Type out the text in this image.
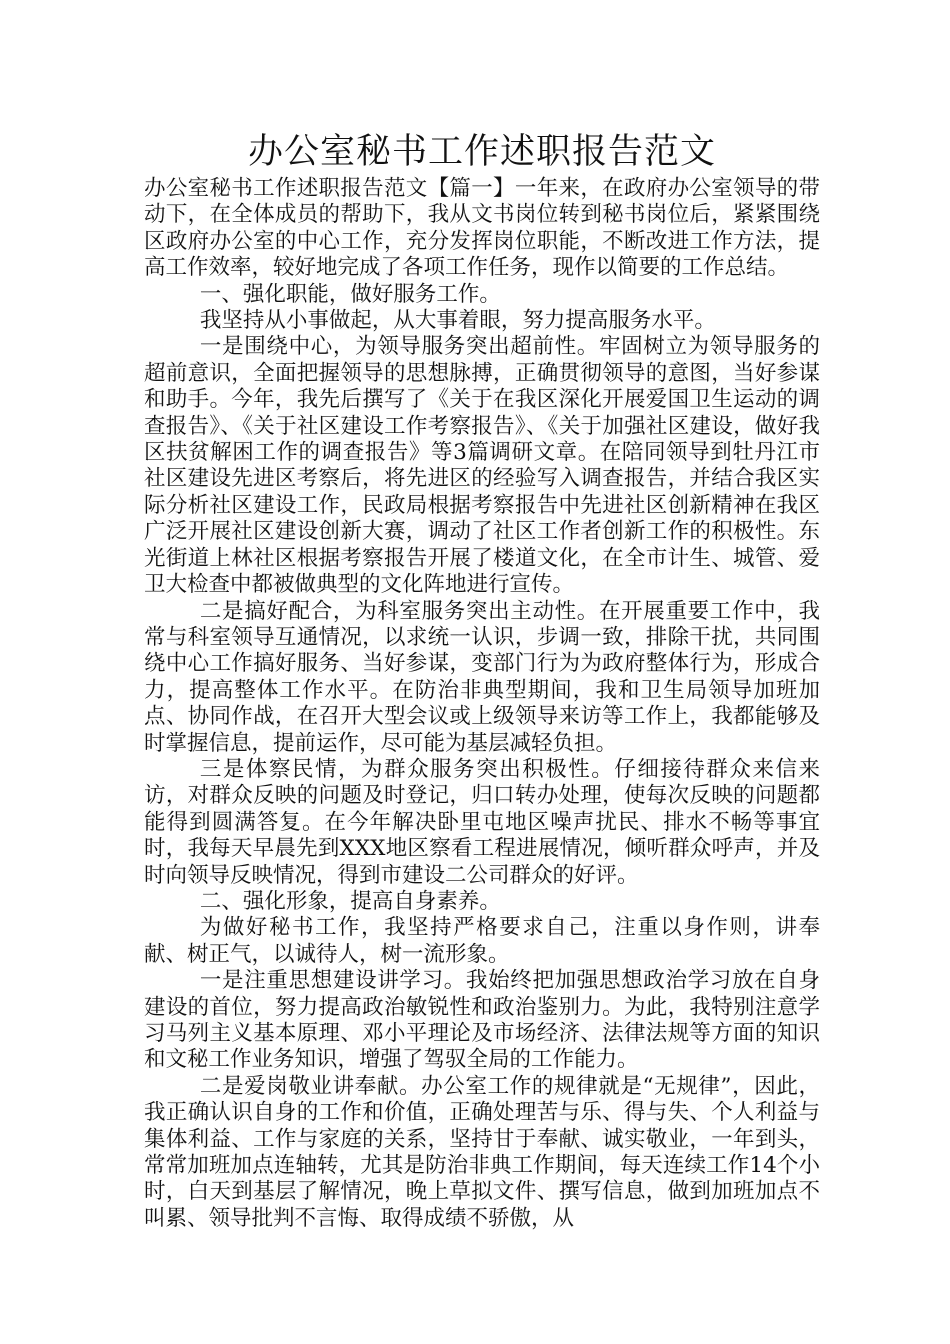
办公室秘书工作述职报告范文

办公室秘书工作述职报告范文【篇一】一年来，在政府办公室领导的带动下，在全体成员的帮助下，我从文书岗位转到秘书岗位后，紧紧围绕区政府办公室的中心工作，充分发挥岗位职能，不断改进工作方法，提高工作效率，较好地完成了各项工作任务，现作以简要的工作总结。

一、强化职能，做好服务工作。

我坚持从小事做起，从大事着眼，努力提高服务水平。

一是围绕中心，为领导服务突出超前性。牢固树立为领导服务的超前意识，全面把握领导的思想脉搏，正确贯彻领导的意图，当好参谋和助手。今年，我先后撰写了《关于在我区深化开展爱国卫生运动的调查报告》、《关于社区建设工作考察报告》、《关于加强社区建设，做好我区扶贫解困工作的调查报告》等3篇调研文章。在陪同领导到牡丹江市社区建设先进区考察后，将先进区的经验写入调查报告，并结合我区实际分析社区建设工作，民政局根据考察报告中先进社区创新精神在我区广泛开展社区建设创新大赛，调动了社区工作者创新工作的积极性。东光街道上林社区根据考察报告开展了楼道文化，在全市计生、城管、爱卫大检查中都被做典型的文化阵地进行宣传。

二是搞好配合，为科室服务突出主动性。在开展重要工作中，我常与科室领导互通情况，以求统一认识，步调一致，排除干扰，共同围绕中心工作搞好服务、当好参谋，变部门行为为政府整体行为，形成合力，提高整体工作水平。在防治非典型期间，我和卫生局领导加班加点、协同作战，在召开大型会议或上级领导来访等工作上，我都能够及时掌握信息，提前运作，尽可能为基层减轻负担。

三是体察民情，为群众服务突出积极性。仔细接待群众来信来访，对群众反映的问题及时登记，归口转办处理，使每次反映的问题都能得到圆满答复。在今年解决卧里屯地区噪声扰民、排水不畅等事宜时，我每天早晨先到XXX地区察看工程进展情况，倾听群众呼声，并及时向领导反映情况，得到市建设二公司群众的好评。

二、强化形象，提高自身素养。

为做好秘书工作，我坚持严格要求自己，注重以身作则，讲奉献、树正气，以诚待人，树一流形象。

一是注重思想建设讲学习。我始终把加强思想政治学习放在自身建设的首位，努力提高政治敏锐性和政治鉴别力。为此，我特别注意学习马列主义基本原理、邓小平理论及市场经济、法律法规等方面的知识和文秘工作业务知识，增强了驾驭全局的工作能力。

二是爱岗敬业讲奉献。办公室工作的规律就是“无规律”，因此，我正确认识自身的工作和价值，正确处理苦与乐、得与失、个人利益与集体利益、工作与家庭的关系，坚持甘于奉献、诚实敬业，一年到头，常常加班加点连轴转，尤其是防治非典工作期间，每天连续工作14个小时，白天到基层了解情况，晚上草拟文件、撰写信息，做到加班加点不叫累、领导批判不言悔、取得成绩不骄傲，从
